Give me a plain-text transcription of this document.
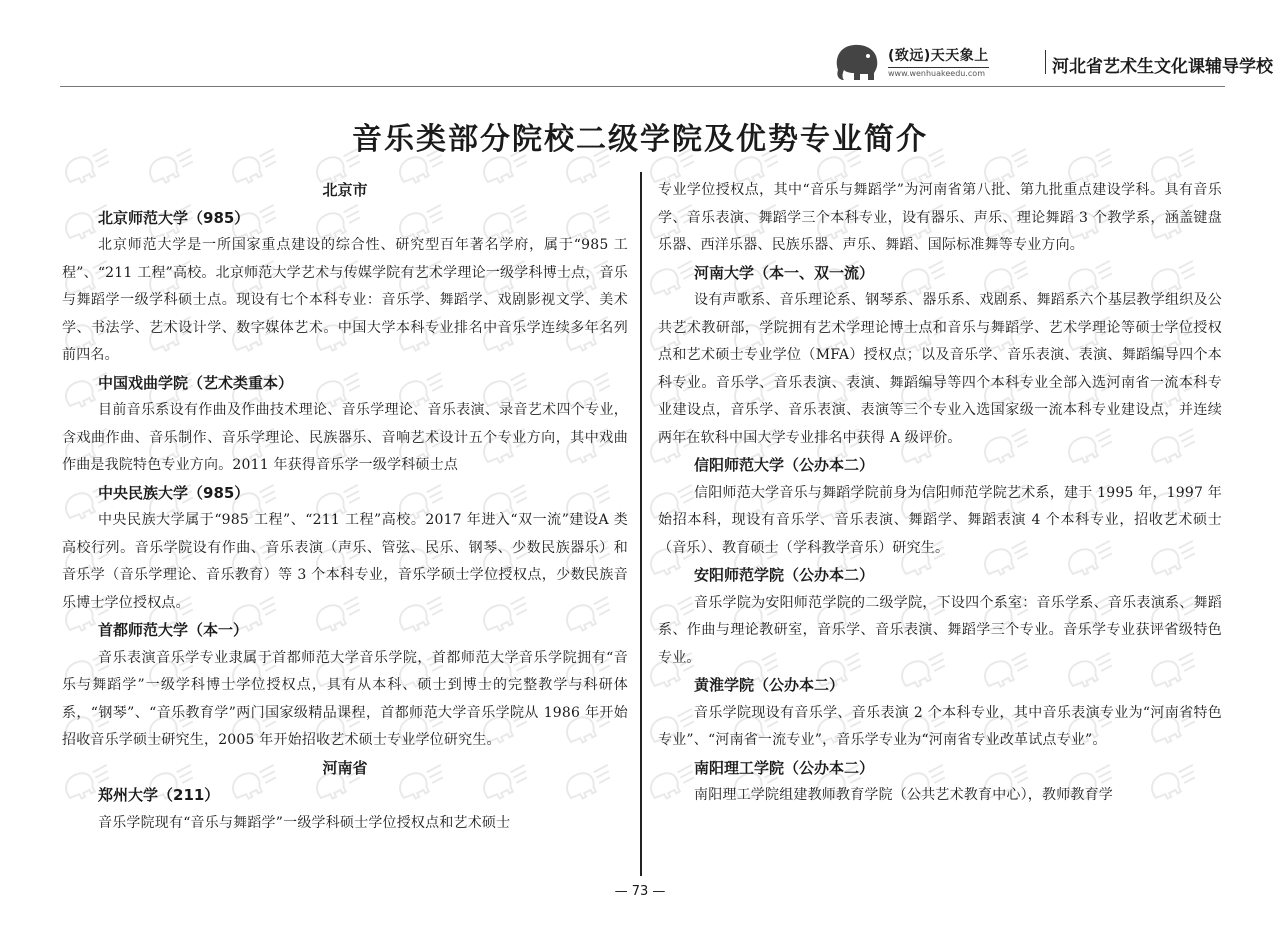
(致远)天天象上
www.wenhuakeedu.com	河北省艺术生文化课辅导学校
音乐类部分院校二级学院及优势专业简介
北京市
北京师范大学（985）

北京师范大学是一所国家重点建设的综合性、研究型百年著名学府，属于“985 工程”、“211 工程”高校。北京师范大学艺术与传媒学院有艺术学理论一级学科博士点，音乐与舞蹈学一级学科硕士点。现设有七个本科专业：音乐学、舞蹈学、戏剧影视文学、美术学、书法学、艺术设计学、数字媒体艺术。中国大学本科专业排名中音乐学连续多年名列前四名。

中国戏曲学院（艺术类重本）

目前音乐系设有作曲及作曲技术理论、音乐学理论、音乐表演、录音艺术四个专业，含戏曲作曲、音乐制作、音乐学理论、民族器乐、音响艺术设计五个专业方向，其中戏曲作曲是我院特色专业方向。2011 年获得音乐学一级学科硕士点

中央民族大学（985）

中央民族大学属于“985 工程”、“211 工程”高校。2017 年进入“双一流”建设A 类高校行列。音乐学院设有作曲、音乐表演（声乐、管弦、民乐、钢琴、少数民族器乐）和音乐学（音乐学理论、音乐教育）等 3 个本科专业，音乐学硕士学位授权点，少数民族音乐博士学位授权点。

首都师范大学（本一）

音乐表演音乐学专业隶属于首都师范大学音乐学院，首都师范大学音乐学院拥有“音乐与舞蹈学”一级学科博士学位授权点，具有从本科、硕士到博士的完整教学与科研体系，“钢琴”、“音乐教育学”两门国家级精品课程，首都师范大学音乐学院从 1986 年开始招收音乐学硕士研究生，2005 年开始招收艺术硕士专业学位研究生。

河南省
郑州大学（211）

音乐学院现有“音乐与舞蹈学”一级学科硕士学位授权点和艺术硕士

专业学位授权点，其中“音乐与舞蹈学”为河南省第八批、第九批重点建设学科。具有音乐学、音乐表演、舞蹈学三个本科专业，设有器乐、声乐、理论舞蹈 3 个教学系，涵盖键盘乐器、西洋乐器、民族乐器、声乐、舞蹈、国际标准舞等专业方向。

河南大学（本一、双一流）

设有声歌系、音乐理论系、钢琴系、器乐系、戏剧系、舞蹈系六个基层教学组织及公共艺术教研部，学院拥有艺术学理论博士点和音乐与舞蹈学、艺术学理论等硕士学位授权点和艺术硕士专业学位（MFA）授权点；以及音乐学、音乐表演、表演、舞蹈编导四个本科专业。音乐学、音乐表演、表演、舞蹈编导等四个本科专业全部入选河南省一流本科专业建设点，音乐学、音乐表演、表演等三个专业入选国家级一流本科专业建设点，并连续两年在软科中国大学专业排名中获得 A 级评价。

信阳师范大学（公办本二）

信阳师范大学音乐与舞蹈学院前身为信阳师范学院艺术系，建于 1995 年，1997 年始招本科，现设有音乐学、音乐表演、舞蹈学、舞蹈表演 4 个本科专业，招收艺术硕士（音乐）、教育硕士（学科教学音乐）研究生。

安阳师范学院（公办本二）

音乐学院为安阳师范学院的二级学院，下设四个系室：音乐学系、音乐表演系、舞蹈系、作曲与理论教研室，音乐学、音乐表演、舞蹈学三个专业。音乐学专业获评省级特色专业。

黄淮学院（公办本二）

音乐学院现设有音乐学、音乐表演 2 个本科专业，其中音乐表演专业为“河南省特色专业”、“河南省一流专业”，音乐学专业为“河南省专业改革试点专业”。

南阳理工学院（公办本二）

南阳理工学院组建教师教育学院（公共艺术教育中心），教师教育学

— 73 —
